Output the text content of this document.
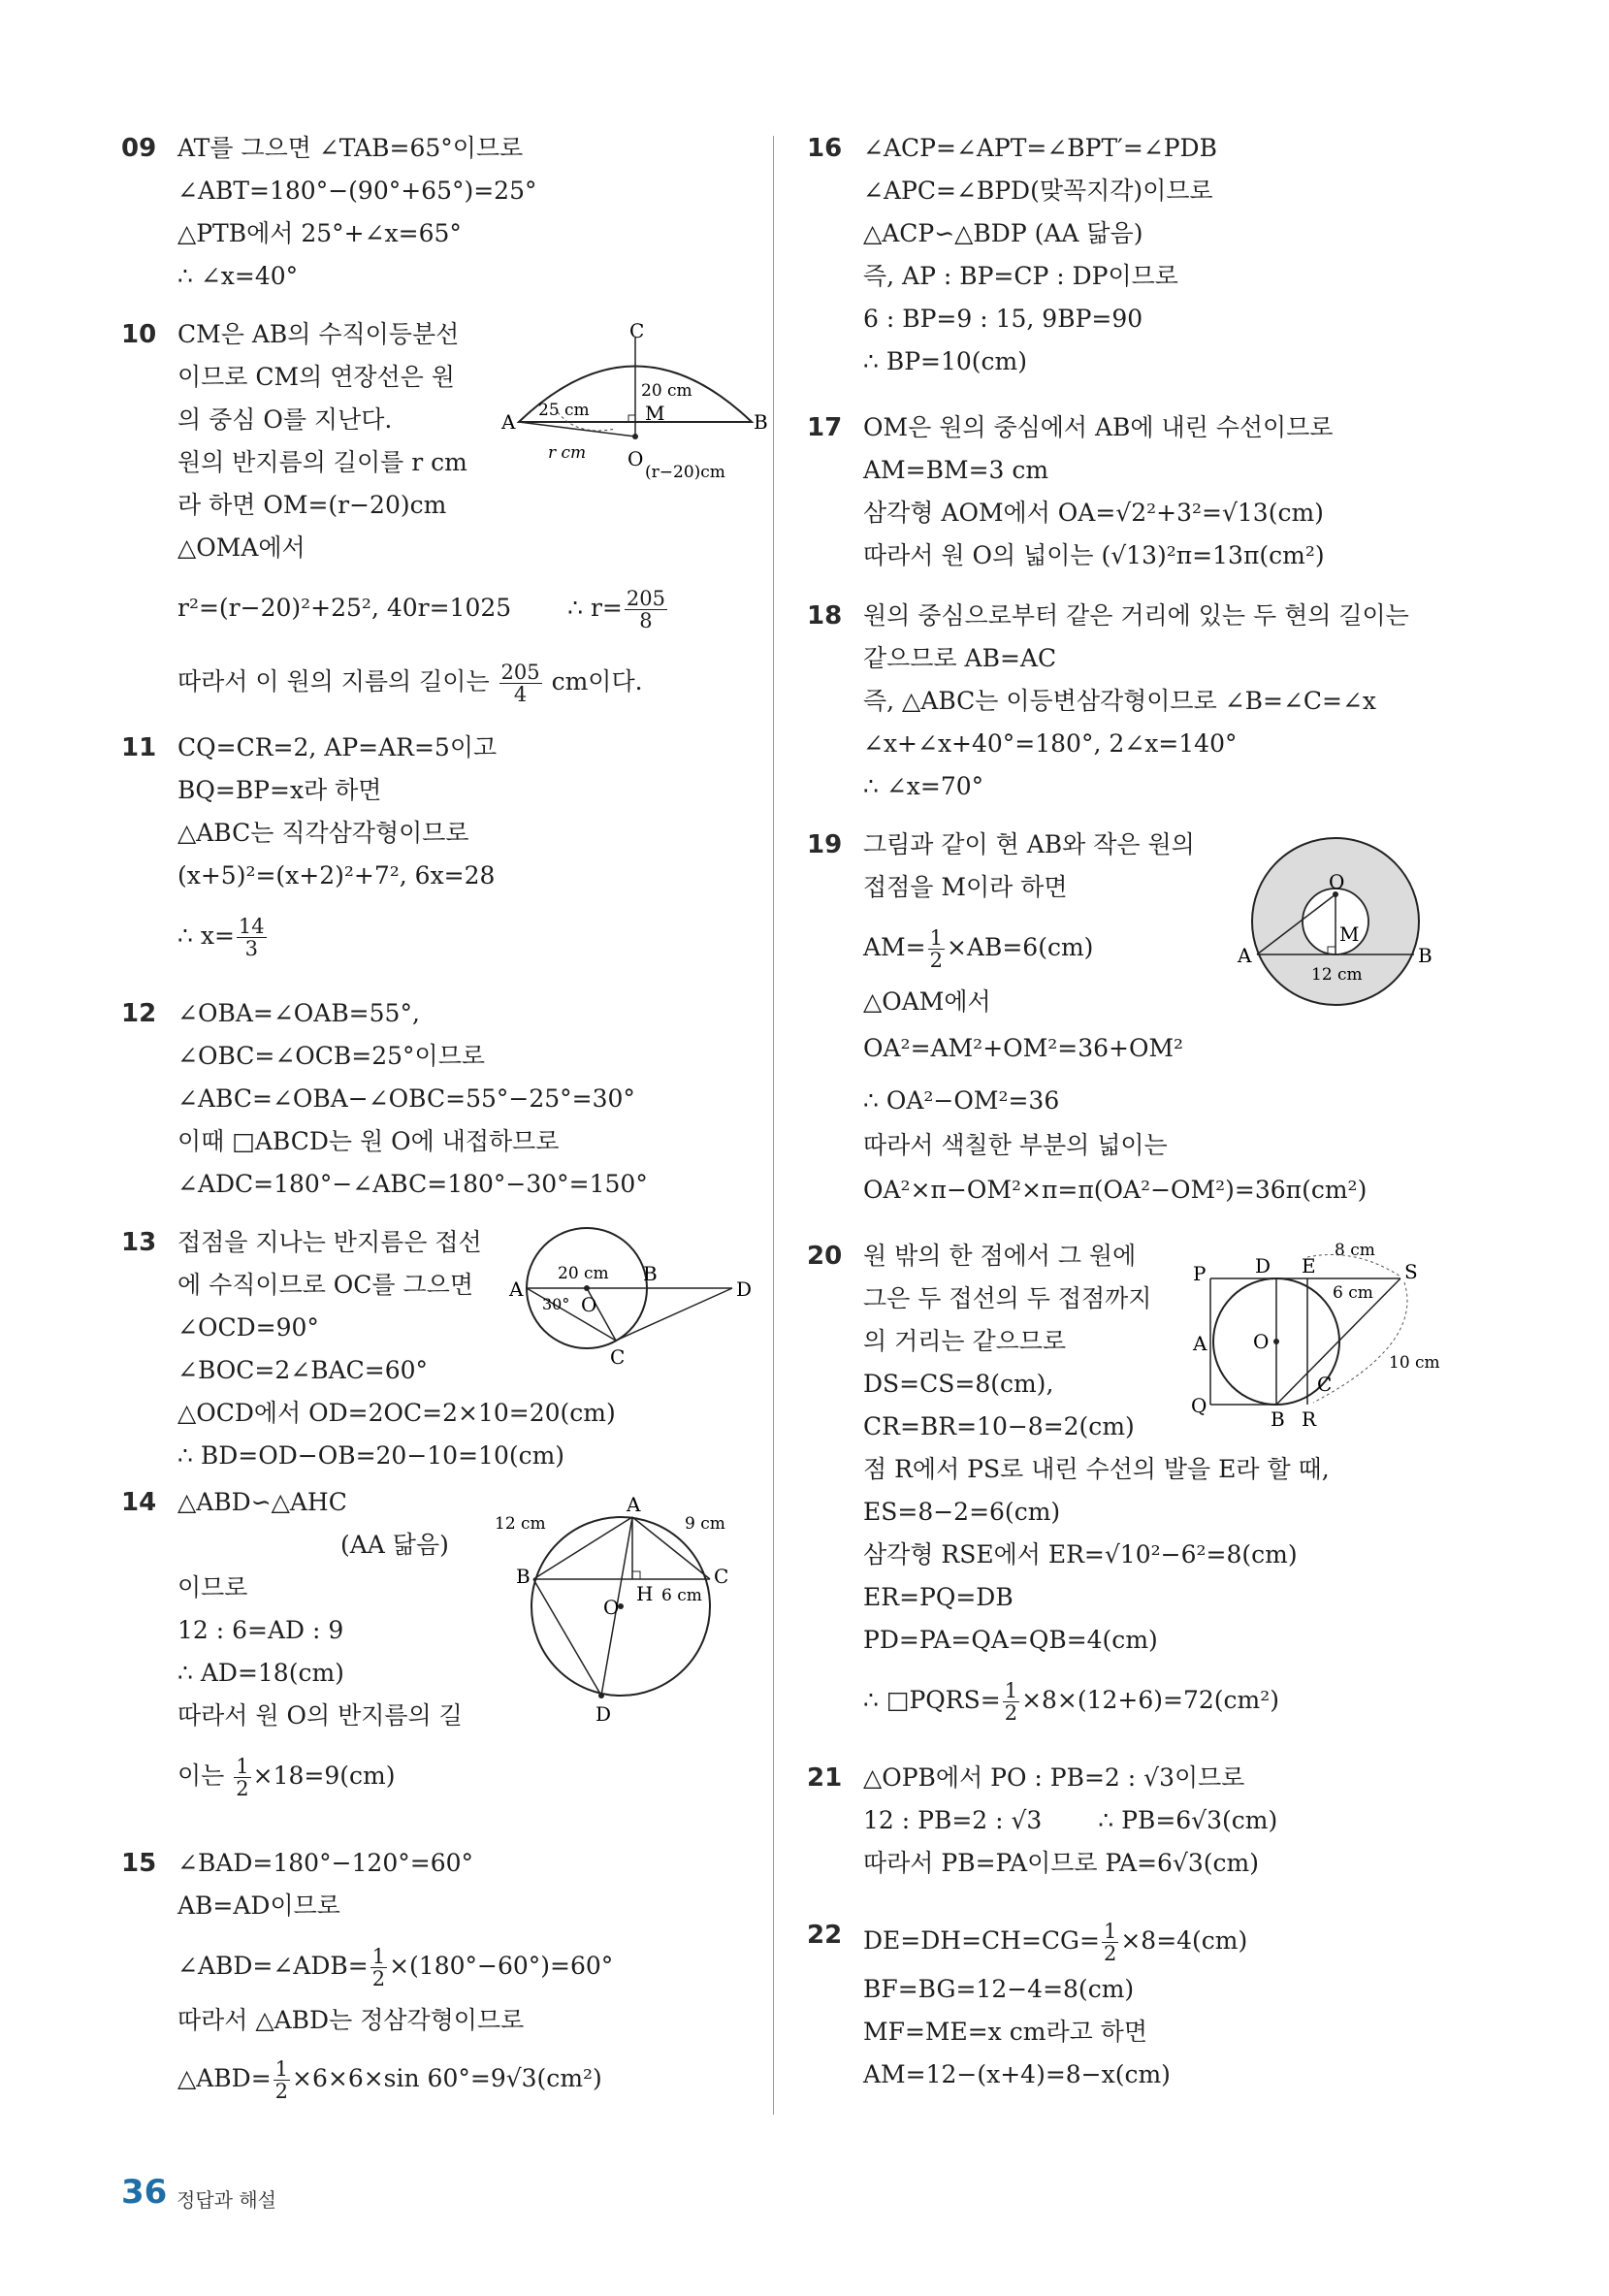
09 AT를 그으면 ∠TAB=65°이므로
∠ABT=180°−(90°+65°)=25°
△PTB에서 25°+∠x=65°
∴ ∠x=40°
10 CM은 AB의 수직이등분선
이므로 CM의 연장선은 원
의 중심 O를 지난다.
원의 반지름의 길이를 r cm
라 하면 OM=(r−20)cm
△OMA에서
r²=(r−20)²+25², 40r=1025 ∴ $r= \frac{205}{8}$
따라서 이 원의 지름의 길이는 $\frac{205}{4}$ cm이다.
C
A	B
M
O
25 cm
20 cm
r cm
(r−20)cm
11 CQ=CR=2, AP=AR=5이고
BQ=BP=x라 하면
△ABC는 직각삼각형이므로
(x+5)²=(x+2)²+7², 6x=28
∴ $x= \frac{14}{3}$
12 ∠OBA=∠OAB=55°,
∠OBC=∠OCB=25°이므로
∠ABC=∠OBA−∠OBC=55°−25°=30°
이때 □ABCD는 원 O에 내접하므로
∠ADC=180°−∠ABC=180°−30°=150°
13 접점을 지나는 반지름은 접선
에 수직이므로 OC를 그으면
∠OCD=90°
∠BOC=2∠BAC=60°
△OCD에서 OD=2OC=2×10=20(cm)
∴ BD=OD−OB=20−10=10(cm)
A
B
O
C
D
20 cm
30°
14 △ABD∽△AHC
(AA 닮음)
이므로
12 : 6=AD : 9
∴ AD=18(cm)
따라서 원 O의 반지름의 길
이는 $\frac{1}{2} \times 18=9(cm)$
A
B	C
H
O
D
12 cm	9 cm
6 cm
15 ∠BAD=180°−120°=60°
AB=AD이므로
∠ABD=∠ADB= $\frac{1}{2} \times(180^\circ-60^\circ)=60^\circ$
따라서 △ABD는 정삼각형이므로
△ABD= $\frac{1}{2} \times 6\times 6\times\sin$ 60°=9√3(cm²)
16 ∠ACP=∠APT=∠BPT′=∠PDB
∠APC=∠BPD(맞꼭지각)이므로
△ACP∽△BDP (AA 닮음)
즉, AP : BP=CP : DP이므로
6 : BP=9 : 15, 9BP=90
∴ BP=10(cm)
17 OM은 원의 중심에서 AB에 내린 수선이므로
AM=BM=3 cm
삼각형 AOM에서 OA=√2²+3²=√13(cm)
따라서 원 O의 넓이는 (√13)²π=13π(cm²)
18 원의 중심으로부터 같은 거리에 있는 두 현의 길이는
같으므로 AB=AC
즉, △ABC는 이등변삼각형이므로 ∠B=∠C=∠x
∠x+∠x+40°=180°, 2∠x=140°
∴ ∠x=70°
19 그림과 같이 현 AB와 작은 원의
접점을 M이라 하면
$AM= \frac{1}{2} \times AB=6(cm)$
△OAM에서
OA²=AM²+OM²=36+OM²
∴ OA²−OM²=36
따라서 색칠한 부분의 넓이는
OA²×π−OM²×π=π(OA²−OM²)=36π(cm²)
O
M
A	B
12 cm
20 원 밖의 한 점에서 그 원에
그은 두 접선의 두 접점까지
의 거리는 같으므로
DS=CS=8(cm),
CR=BR=10−8=2(cm)
점 R에서 PS로 내린 수선의 발을 E라 할 때,
ES=8−2=6(cm)
삼각형 RSE에서 ER=√10²−6²=8(cm)
ER=PQ=DB
PD=PA=QA=QB=4(cm)
∴ □PQRS= $\frac{1}{2} \times 8\times(12+6)=72(cm^2)$
P	D E	S
A O
C
Q
B R
8 cm
6 cm
10 cm
21 △OPB에서 PO : PB=2 : √3이므로
12 : PB=2 : √3 ∴ PB=6√3(cm)
따라서 PB=PA이므로 PA=6√3(cm)
22 $DE=DH=CH=CG= \frac{1}{2} \times 8=4(cm)$
BF=BG=12−4=8(cm)
MF=ME=x cm라고 하면
AM=12−(x+4)=8−x(cm)
36 정답과 해설
